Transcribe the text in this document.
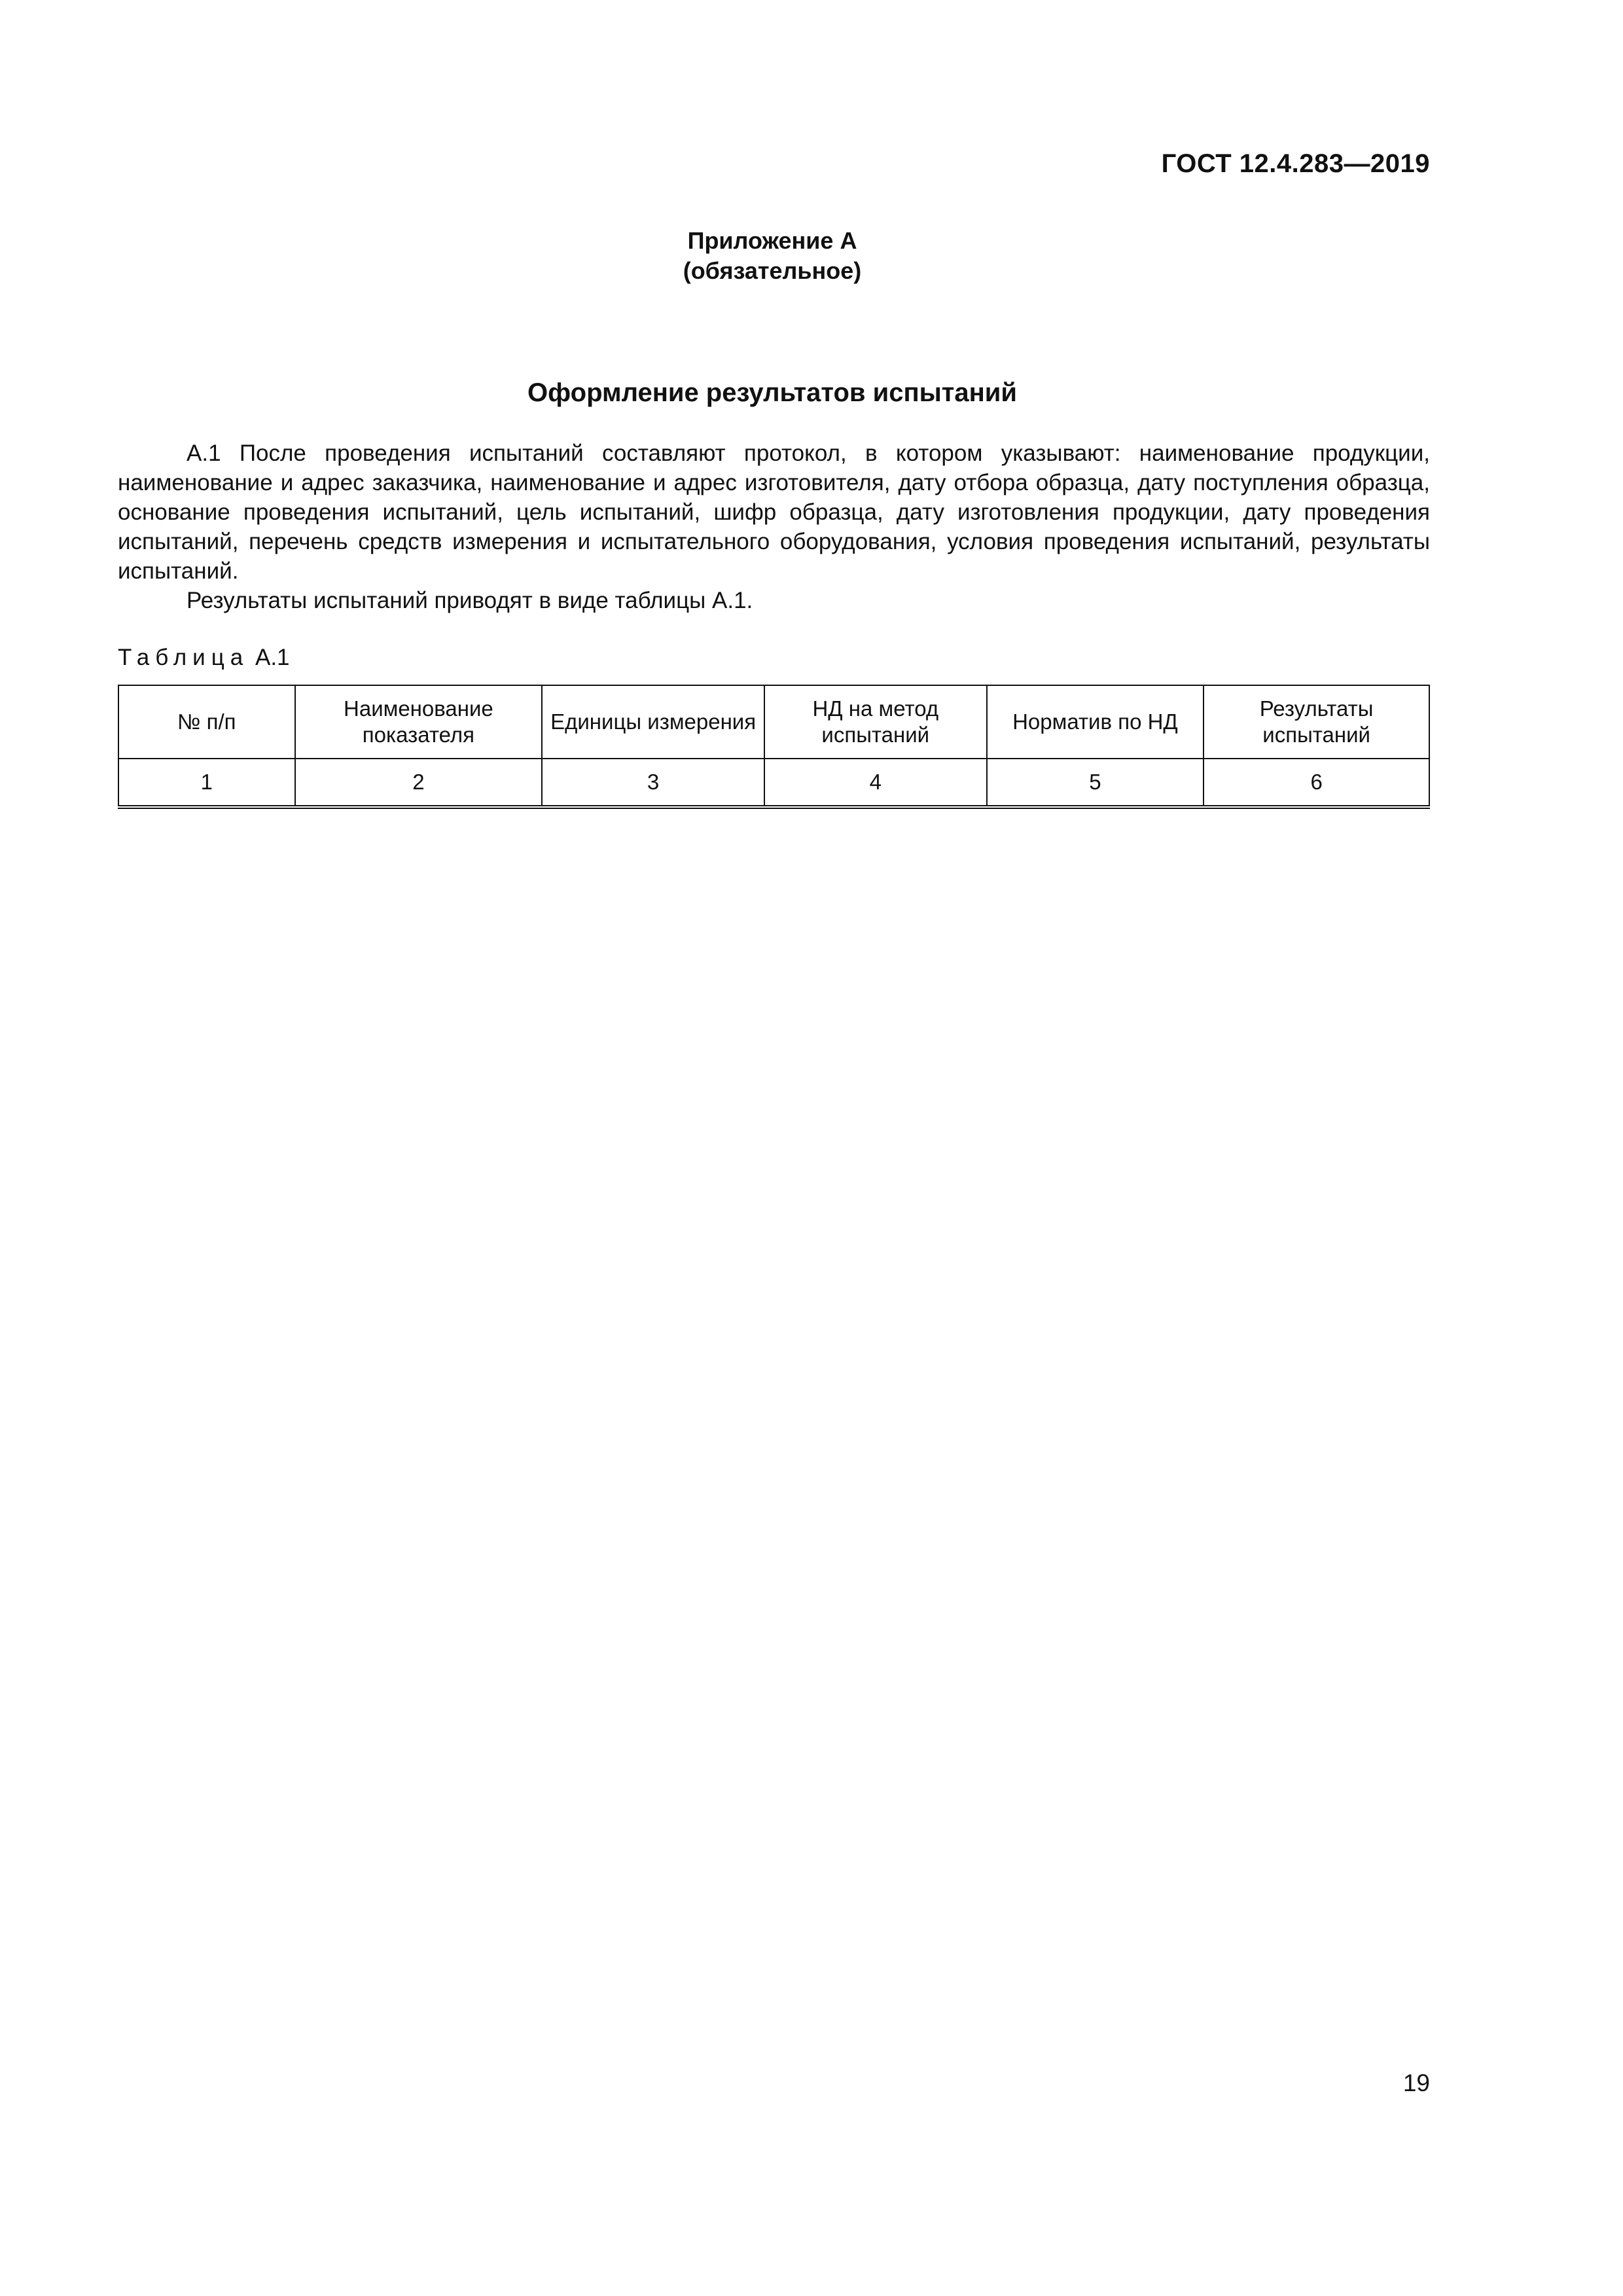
ГОСТ 12.4.283—2019
Приложение А
(обязательное)
Оформление результатов испытаний

А.1 После проведения испытаний составляют протокол, в котором указывают: наименование продукции, наименование и адрес заказчика, наименование и адрес изготовителя, дату отбора образца, дату поступления образца, основание проведения испытаний, цель испытаний, шифр образца, дату изготовления продукции, дату проведения испытаний, перечень средств измерения и испытательного оборудования, условия проведения испытаний, результаты испытаний.

Результаты испытаний приводят в виде таблицы А.1.

Таблица А.1
№ п/п	Наименование показателя	Единицы измерения	НД на метод испытаний	Норматив по НД	Результаты испытаний
1	2	3	4	5	6
19
